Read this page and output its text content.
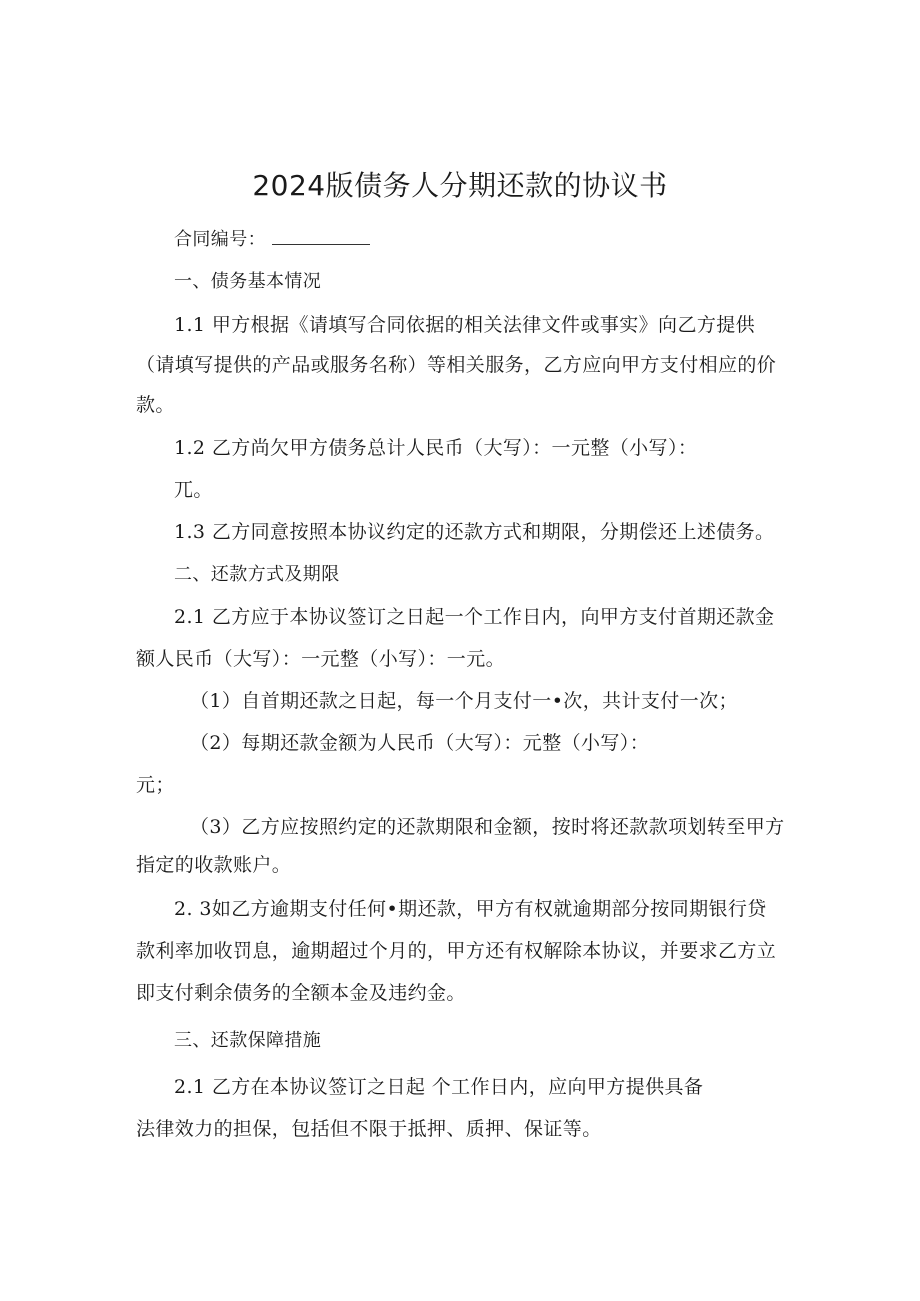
2024版债务人分期还款的协议书
合同编号：
一、债务基本情况
1.1 甲方根据《请填写合同依据的相关法律文件或事实》向乙方提供
（请填写提供的产品或服务名称）等相关服务，乙方应向甲方支付相应的价
款。
1.2 乙方尚欠甲方债务总计人民币（大写）：一元整（小写）：
兀。
1.3 乙方同意按照本协议约定的还款方式和期限，分期偿还上述债务。
二、还款方式及期限
2.1 乙方应于本协议签订之日起一个工作日内，向甲方支付首期还款金
额人民币（大写）：一元整（小写）：一元。
（1）自首期还款之日起，每一个月支付一•次，共计支付一次；
（2）每期还款金额为人民币（大写）：元整（小写）：
元；
（3）乙方应按照约定的还款期限和金额，按时将还款款项划转至甲方
指定的收款账户。
2. 3如乙方逾期支付任何•期还款，甲方有权就逾期部分按同期银行贷
款利率加收罚息，逾期超过个月的，甲方还有权解除本协议，并要求乙方立
即支付剩余债务的全额本金及违约金。
三、还款保障措施
2.1 乙方在本协议签订之日起 个工作日内，应向甲方提供具备
法律效力的担保，包括但不限于抵押、质押、保证等。
